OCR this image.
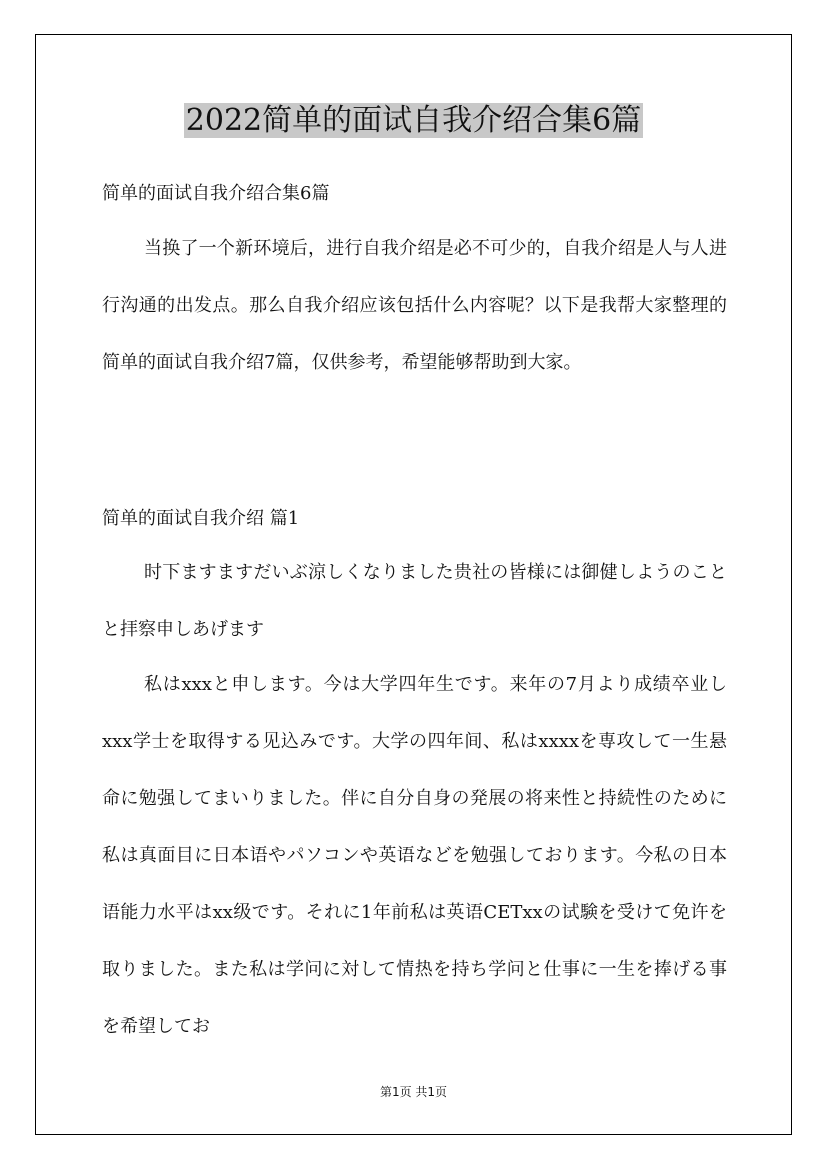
2022简单的面试自我介绍合集6篇

简单的面试自我介绍合集6篇

当换了一个新环境后，进行自我介绍是必不可少的，自我介绍是人与人进行沟通的出发点。那么自我介绍应该包括什么内容呢？以下是我帮大家整理的简单的面试自我介绍7篇，仅供参考，希望能够帮助到大家。

简单的面试自我介绍 篇1

时下ますますだいぶ涼しくなりました贵社の皆様には御健しようのことと拝察申しあげます

私はxxxと申します。今は大学四年生です。来年の7月より成绩卒业しxxx学士を取得する见込みです。大学の四年间、私はxxxxを専攻して一生悬命に勉强してまいりました。伴に自分自身の発展の将来性と持続性のために私は真面目に日本语やパソコンや英语などを勉强しております。今私の日本语能力水平はxx级です。それに1年前私は英语CETxxの试験を受けて免许を取りました。また私は学问に対して情热を持ち学问と仕事に一生を捧げる事を希望してお

第1页 共1页
